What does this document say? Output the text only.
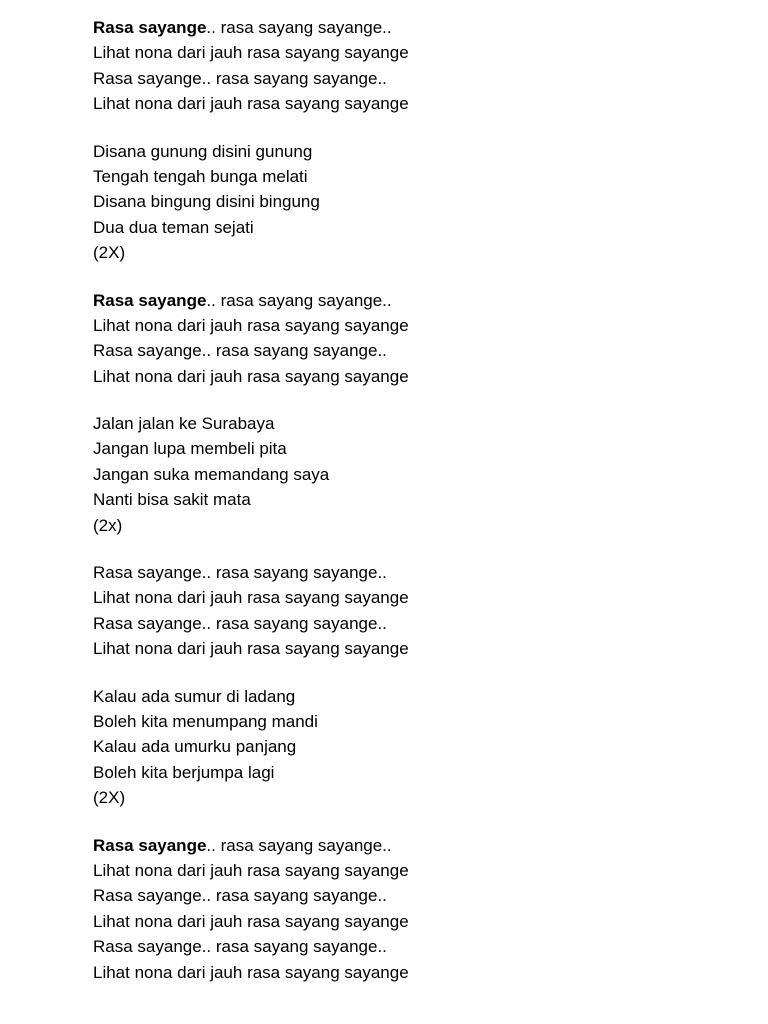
Rasa sayange.. rasa sayang sayange..
Lihat nona dari jauh rasa sayang sayange
Rasa sayange.. rasa sayang sayange..
Lihat nona dari jauh rasa sayang sayange
Disana gunung disini gunung
Tengah tengah bunga melati
Disana bingung disini bingung
Dua dua teman sejati
(2X)
Rasa sayange.. rasa sayang sayange..
Lihat nona dari jauh rasa sayang sayange
Rasa sayange.. rasa sayang sayange..
Lihat nona dari jauh rasa sayang sayange
Jalan jalan ke Surabaya
Jangan lupa membeli pita
Jangan suka memandang saya
Nanti bisa sakit mata
(2x)
Rasa sayange.. rasa sayang sayange..
Lihat nona dari jauh rasa sayang sayange
Rasa sayange.. rasa sayang sayange..
Lihat nona dari jauh rasa sayang sayange
Kalau ada sumur di ladang
Boleh kita menumpang mandi
Kalau ada umurku panjang
Boleh kita berjumpa lagi
(2X)
Rasa sayange.. rasa sayang sayange..
Lihat nona dari jauh rasa sayang sayange
Rasa sayange.. rasa sayang sayange..
Lihat nona dari jauh rasa sayang sayange
Rasa sayange.. rasa sayang sayange..
Lihat nona dari jauh rasa sayang sayange
